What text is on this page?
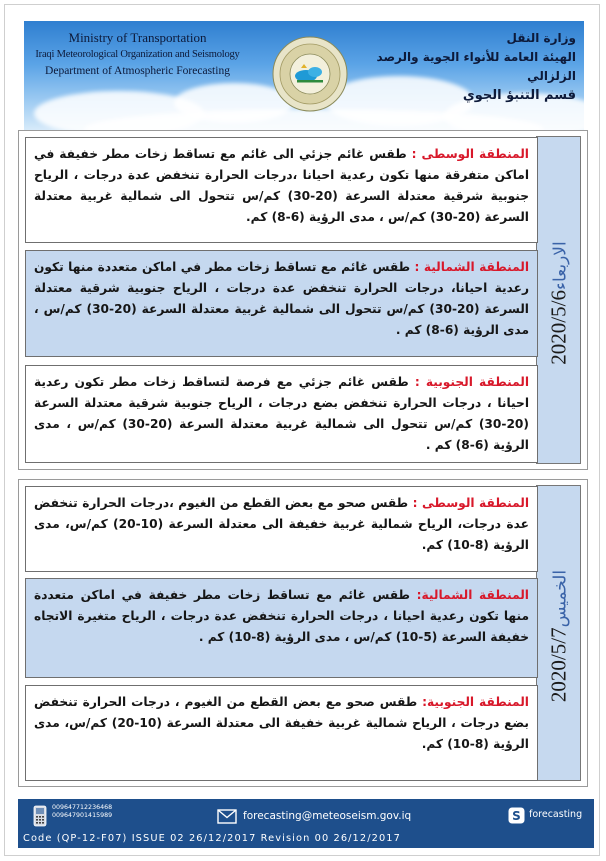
Ministry of Transportation
Iraqi Meteorological Organization and Seismology
Department of Atmospheric Forecasting
وزارة النقل
الهيئة العامة للأنواء الجوية والرصد الزلزالي
قسم التنبؤ الجوي
الاربعاء2020/5/6
المنطقة الوسطى : طقس غائم جزئي الى غائم مع تساقط زخات مطر خفيفة في اماكن متفرقة منها تكون رعدية احيانا ،درجات الحرارة تنخفض عدة درجات ، الرياح جنوبية شرقية معتدلة السرعة (20-30) كم/س تتحول الى شمالية غربية معتدلة السرعة (20-30) كم/س ، مدى الرؤية (6-8) كم.
المنطقة الشمالية : طقس غائم مع تساقط زخات مطر في اماكن متعددة منها تكون رعدية احيانا، درجات الحرارة تنخفض عدة درجات ، الرياح جنوبية شرقية معتدلة السرعة (20-30) كم/س تتحول الى شمالية غربية معتدلة السرعة (20-30) كم/س ، مدى الرؤية (6-8) كم .
المنطقة الجنوبية : طقس غائم جزئي مع فرصة لتساقط زخات مطر تكون رعدية احيانا ، درجات الحرارة تنخفض بضع درجات ، الرياح جنوبية شرقية معتدلة السرعة (20-30) كم/س تتحول الى شمالية غربية معتدلة السرعة (20-30) كم/س ، مدى الرؤية (6-8) كم .
الخميس2020/5/7
المنطقة الوسطى : طقس صحو مع بعض القطع من الغيوم ،درجات الحرارة تنخفض عدة درجات، الرياح شمالية غربية خفيفة الى معتدلة السرعة (10-20) كم/س، مدى الرؤية (8-10) كم.
المنطقة الشمالية: طقس غائم مع تساقط زخات مطر خفيفة في اماكن متعددة منها تكون رعدية احيانا ، درجات الحرارة تنخفض عدة درجات ، الرياح متغيرة الاتجاه خفيفة السرعة (5-10) كم/س ، مدى الرؤية (8-10) كم .
المنطقة الجنوبية: طقس صحو مع بعض القطع من الغيوم ، درجات الحرارة تنخفض بضع درجات ، الرياح شمالية غربية خفيفة الى معتدلة السرعة (10-20) كم/س، مدى الرؤية (8-10) كم.
009647712236468
009647901415989	forecasting@meteoseism.gov.iq	S forecasting
Code (QP-12-F07) ISSUE 02 26/12/2017 Revision 00 26/12/2017
